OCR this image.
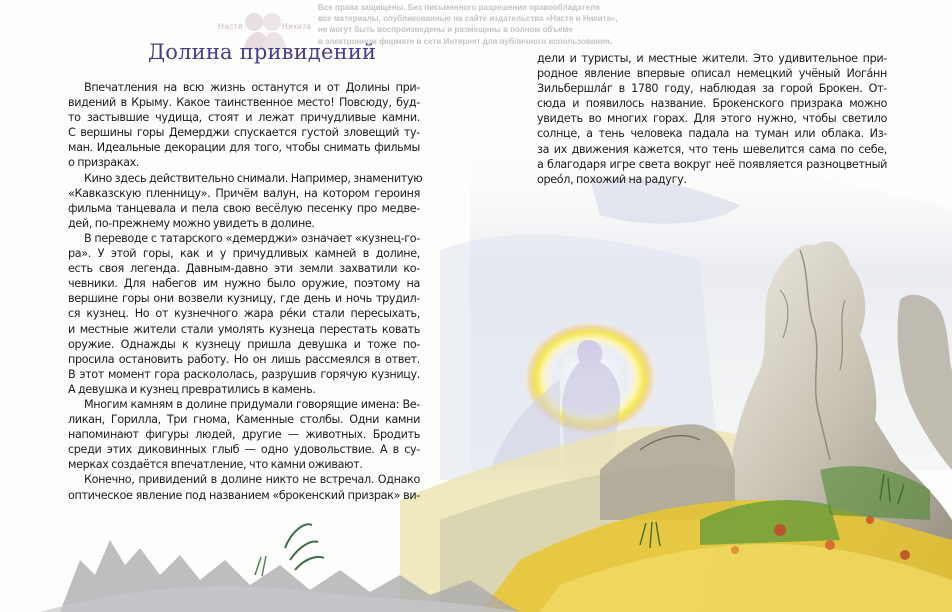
Настя	Никита
Все права защищены. Без письменного разрешения правообладателя
все материалы, опубликованные на сайте издательства «Настя и Никита»,
не могут быть воспроизведены и размещены в полном объеме
в электронном формате в сети Интернет для публичного использования.
Долина привидений
Впечатления на всю жизнь останутся и от Долины при-
видений в Крыму. Какое таинственное место! Повсюду, буд-
то застывшие чудища, стоят и лежат причудливые камни.
С вершины горы Демерджи спускается густой зловещий ту-
ман. Идеальные декорации для того, чтобы снимать фильмы
о призраках.
Кино здесь действительно снимали. Например, знаменитую
«Кавказскую пленницу». Причём валун, на котором героиня
фильма танцевала и пела свою весёлую песенку про медве-
дей, по-прежнему можно увидеть в долине.
В переводе с татарского «демерджи» означает «кузнец-го-
ра». У этой горы, как и у причудливых камней в долине,
есть своя легенда. Давным-давно эти земли захватили ко-
чевники. Для набегов им нужно было оружие, поэтому на
вершине горы они возвели кузницу, где день и ночь трудил-
ся кузнец. Но от кузнечного жара ре́ки стали пересыхать,
и местные жители стали умолять кузнеца перестать ковать
оружие. Однажды к кузнецу пришла девушка и тоже по-
просила остановить работу. Но он лишь рассмеялся в ответ.
В этот момент гора раскололась, разрушив горячую кузницу.
А девушка и кузнец превратились в камень.
Многим камням в долине придумали говорящие имена: Ве-
ликан, Горилла, Три гнома, Каменные столбы. Одни камни
напоминают фигуры людей, другие — животных. Бродить
среди этих диковинных глыб — одно удовольствие. А в су-
мерках создаётся впечатление, что камни оживают.
Конечно, привидений в долине никто не встречал. Однако
оптическое явление под названием «брокенский призрак» ви-
дели и туристы, и местные жители. Это удивительное при-
родное явление впервые описал немецкий учёный Иога́нн
Зильбершла́г в 1780 году, наблюдая за горой Брокен. От-
сюда и появилось название. Брокенского призрака можно
увидеть во многих горах. Для этого нужно, чтобы светило
солнце, а тень человека падала на туман или облака. Из-
за их движения кажется, что тень шевелится сама по себе,
а благодаря игре света вокруг неё появляется разноцветный
орео́л, похожий на радугу.
